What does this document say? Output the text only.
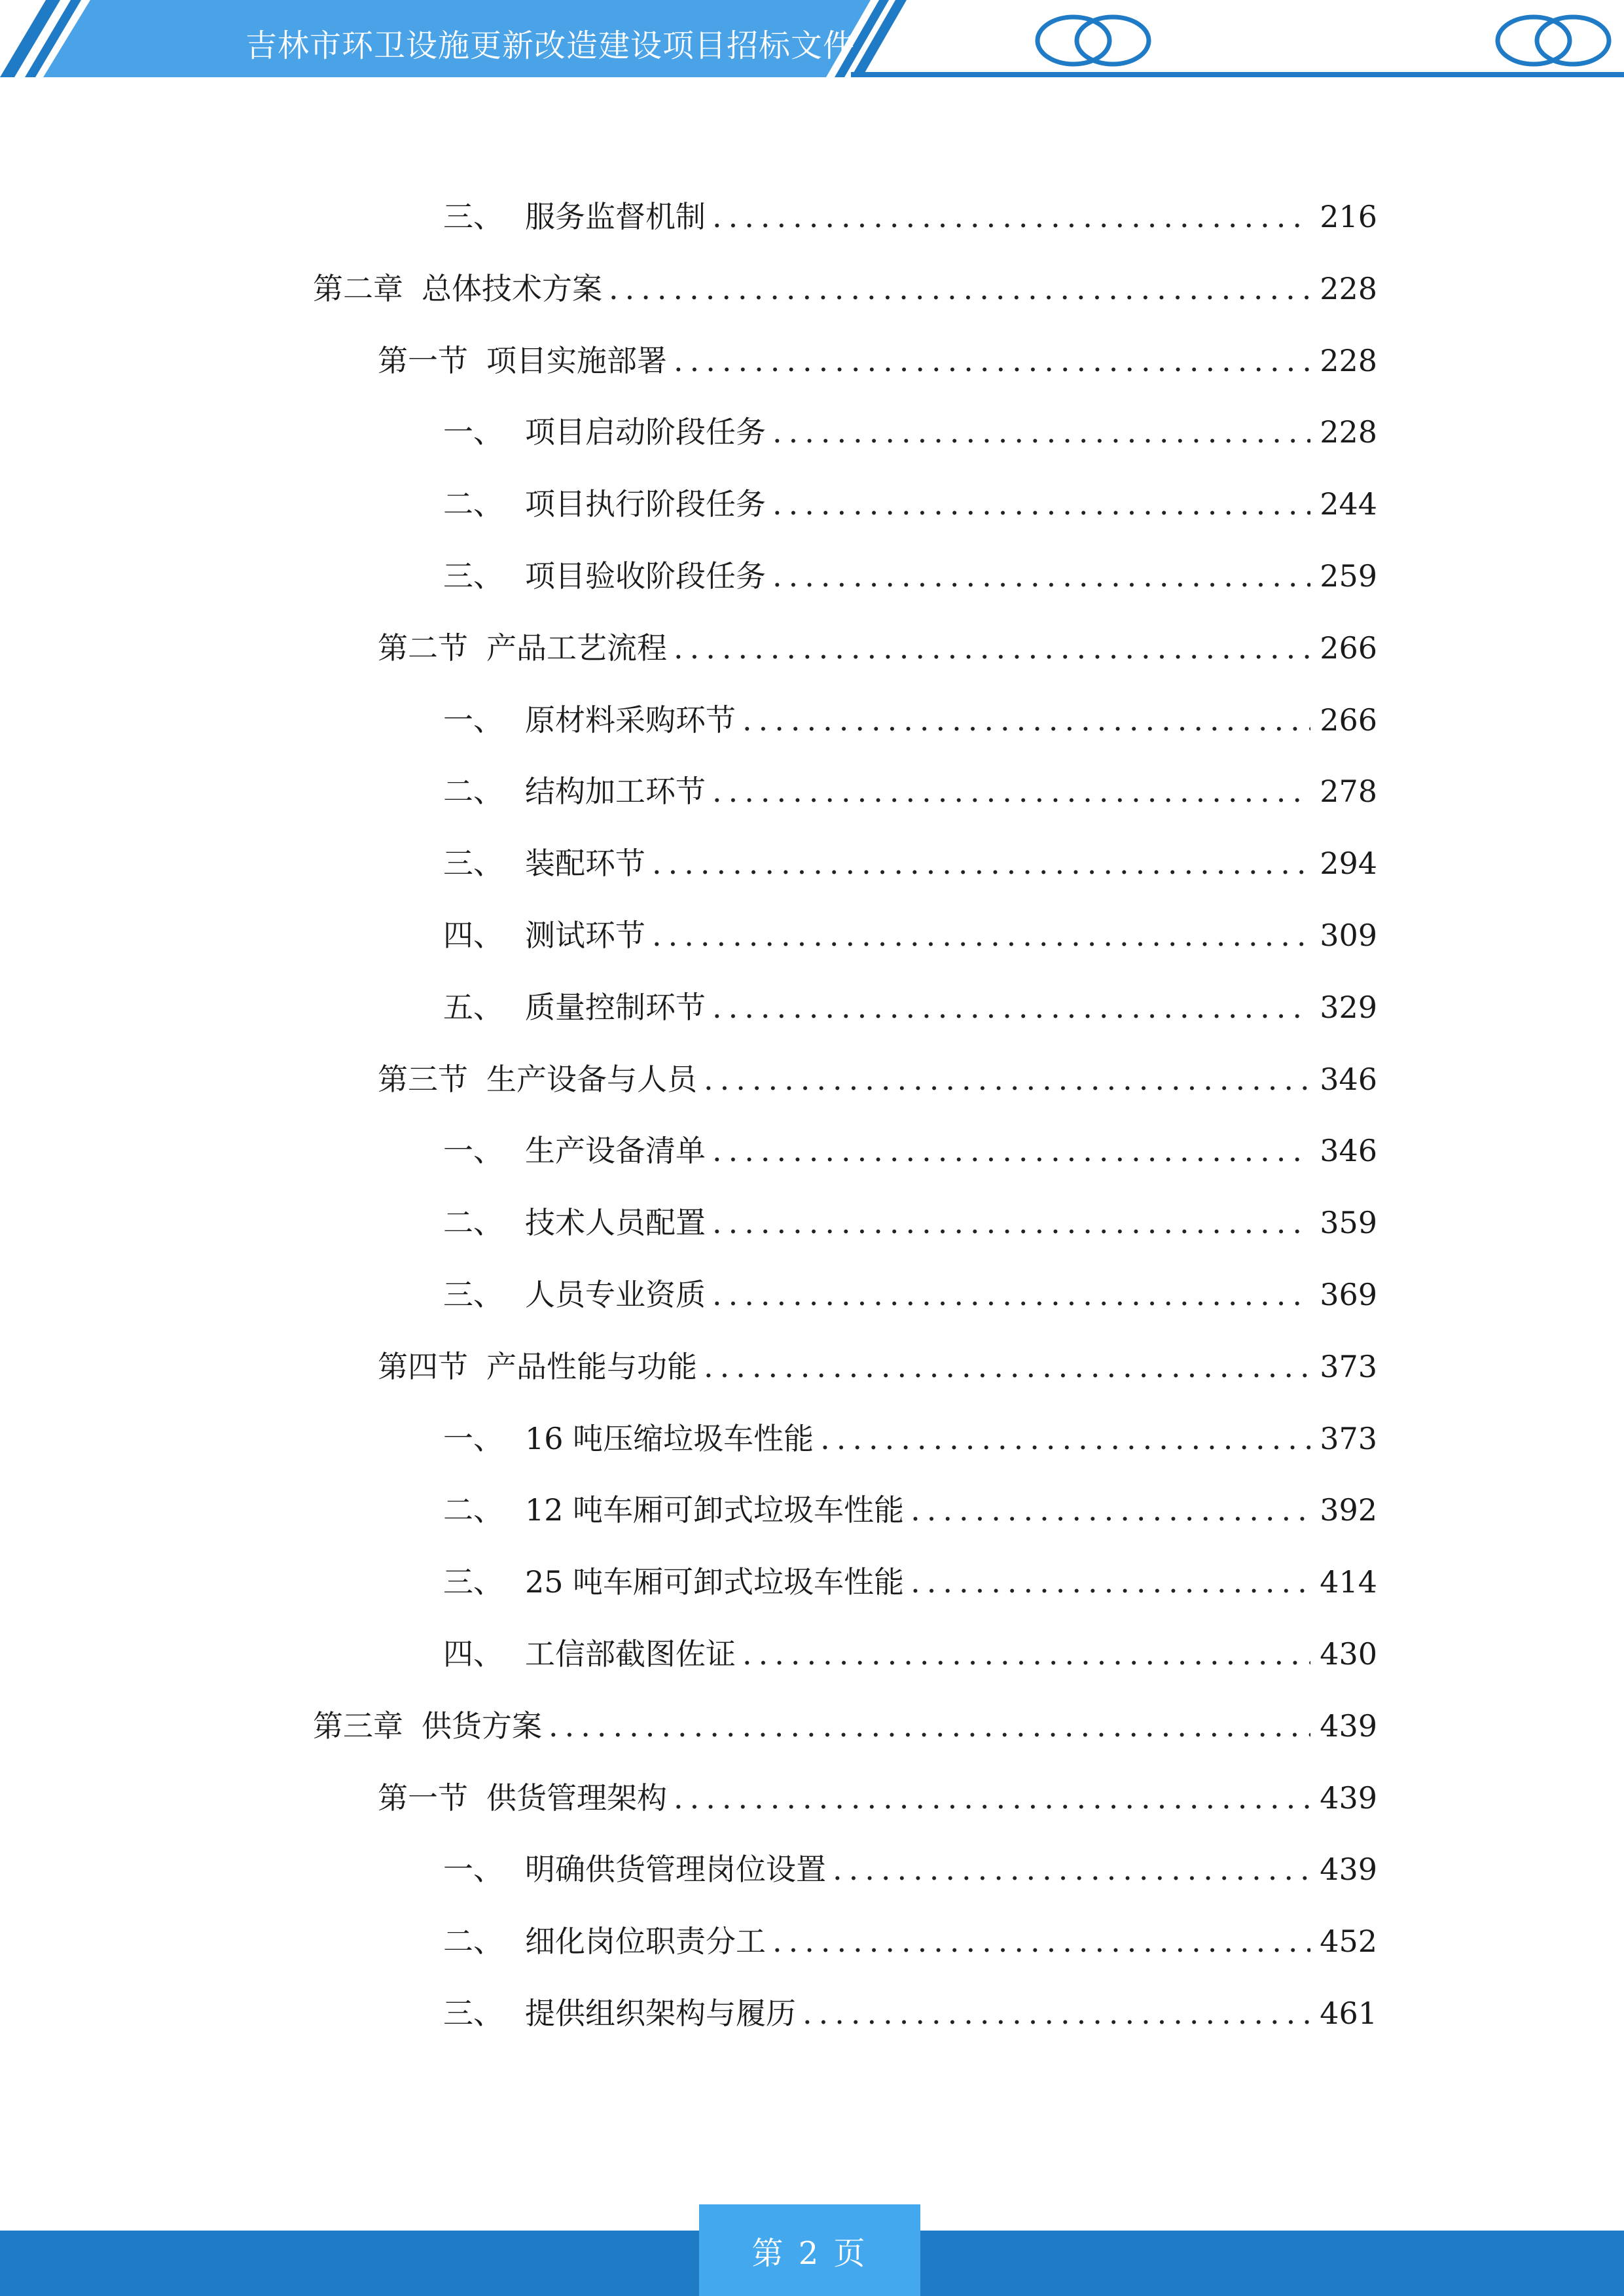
吉林市环卫设施更新改造建设项目招标文件
三、 服务监督机制 .....	216
第二章 总体技术方案 .....	228
第一节 项目实施部署 .....	228
一、 项目启动阶段任务 .....	228
二、 项目执行阶段任务 .....	244
三、 项目验收阶段任务 .....	259
第二节 产品工艺流程 .....	266
一、 原材料采购环节 .....	266
二、 结构加工环节 .....	278
三、 装配环节 .....	294
四、 测试环节 .....	309
五、 质量控制环节 .....	329
第三节 生产设备与人员 .....	346
一、 生产设备清单 .....	346
二、 技术人员配置 .....	359
三、 人员专业资质 .....	369
第四节 产品性能与功能 .....	373
一、 16 吨压缩垃圾车性能 .....	373
二、 12 吨车厢可卸式垃圾车性能 .....	392
三、 25 吨车厢可卸式垃圾车性能 .....	414
四、 工信部截图佐证 .....	430
第三章 供货方案 .....	439
第一节 供货管理架构 .....	439
一、 明确供货管理岗位设置 .....	439
二、 细化岗位职责分工 .....	452
三、 提供组织架构与履历 .....	461
第 2 页
